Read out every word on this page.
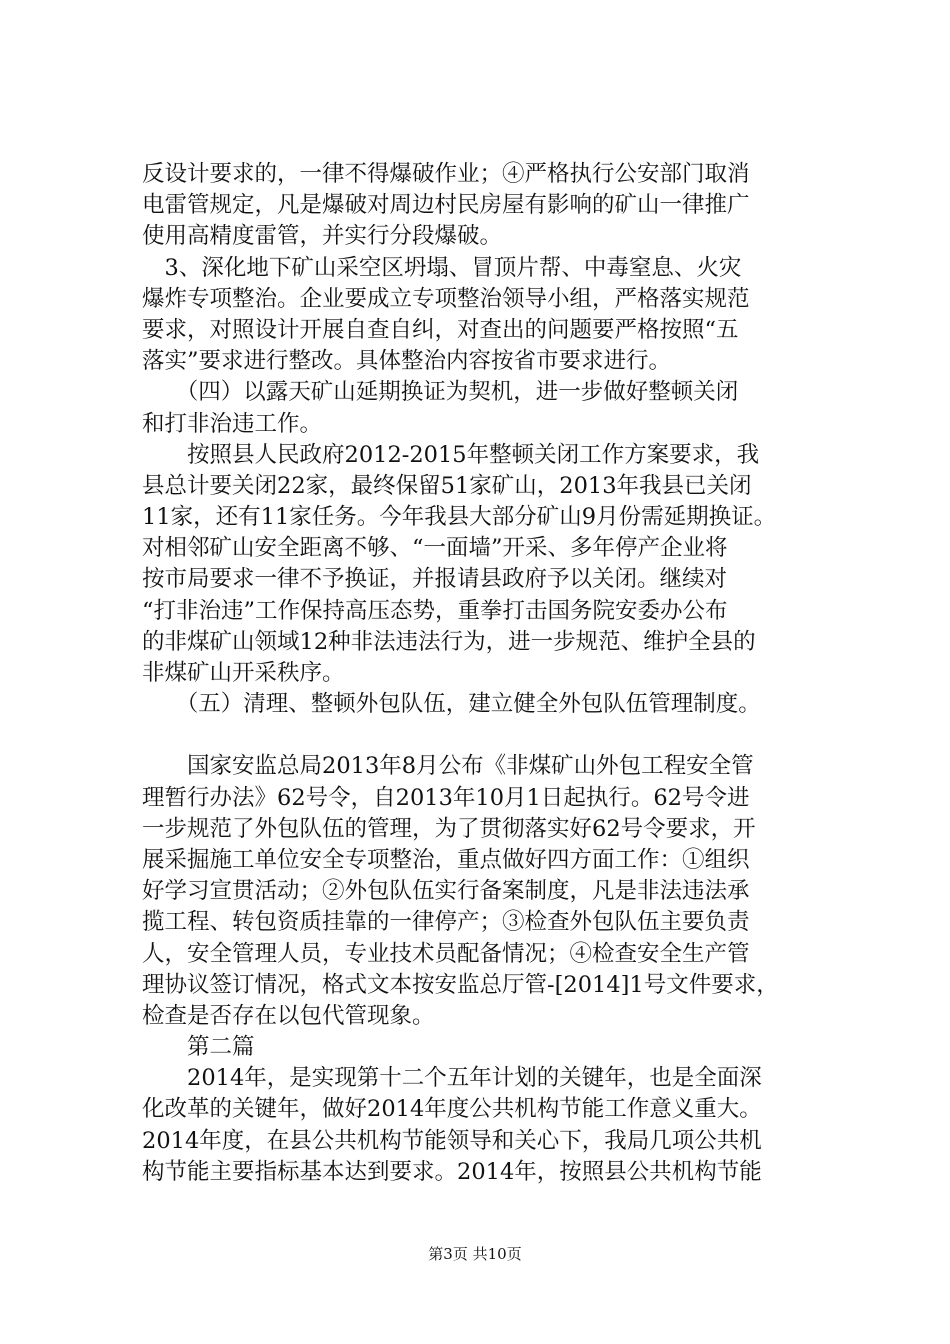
反设计要求的，一律不得爆破作业；④严格执行公安部门取消
电雷管规定，凡是爆破对周边村民房屋有影响的矿山一律推广
使用高精度雷管，并实行分段爆破。
　3、深化地下矿山采空区坍塌、冒顶片帮、中毒窒息、火灾
爆炸专项整治。企业要成立专项整治领导小组，严格落实规范
要求，对照设计开展自查自纠，对查出的问题要严格按照“五
落实”要求进行整改。具体整治内容按省市要求进行。
　　（四）以露天矿山延期换证为契机，进一步做好整顿关闭
和打非治违工作。
　　按照县人民政府2012-2015年整顿关闭工作方案要求，我
县总计要关闭22家，最终保留51家矿山，2013年我县已关闭
11家，还有11家任务。今年我县大部分矿山9月份需延期换证。
对相邻矿山安全距离不够、“一面墙”开采、多年停产企业将
按市局要求一律不予换证，并报请县政府予以关闭。继续对
“打非治违”工作保持高压态势，重拳打击国务院安委办公布
的非煤矿山领域12种非法违法行为，进一步规范、维护全县的
非煤矿山开采秩序。
　　（五）清理、整顿外包队伍，建立健全外包队伍管理制度。
　　国家安监总局2013年8月公布《非煤矿山外包工程安全管
理暂行办法》62号令，自2013年10月1日起执行。62号令进
一步规范了外包队伍的管理，为了贯彻落实好62号令要求，开
展采掘施工单位安全专项整治，重点做好四方面工作：①组织
好学习宣贯活动；②外包队伍实行备案制度，凡是非法违法承
揽工程、转包资质挂靠的一律停产；③检查外包队伍主要负责
人，安全管理人员，专业技术员配备情况；④检查安全生产管
理协议签订情况，格式文本按安监总厅管-[2014]1号文件要求，
检查是否存在以包代管现象。
　　第二篇
　　2014年，是实现第十二个五年计划的关键年，也是全面深
化改革的关键年，做好2014年度公共机构节能工作意义重大。
2014年度，在县公共机构节能领导和关心下，我局几项公共机
构节能主要指标基本达到要求。2014年，按照县公共机构节能
第3页 共10页
